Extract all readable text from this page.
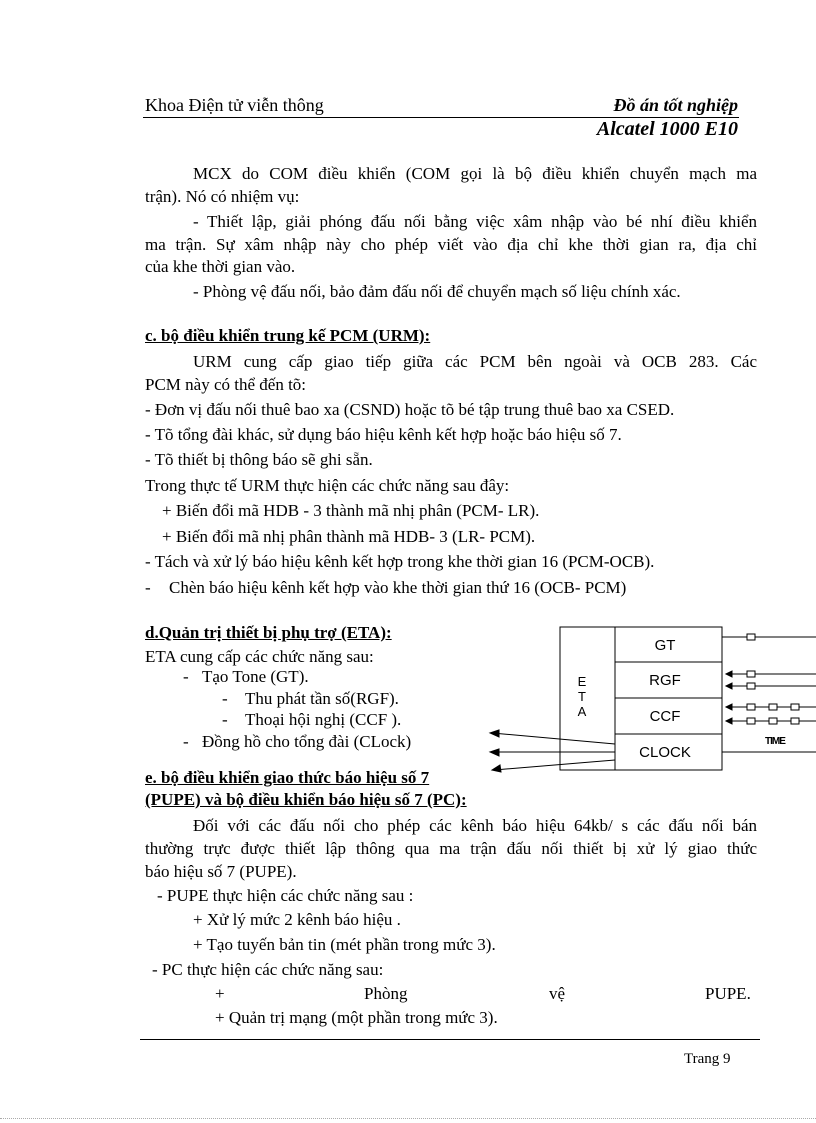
Khoa Điện tử viễn thông	Đồ án tốt nghiệp
Alcatel 1000 E10
MCX do COM điều khiển (COM gọi là bộ điều khiển chuyển mạch ma
trận). Nó có nhiệm vụ:
- Thiết lập, giải phóng đấu nối bằng việc xâm nhập vào bé nhí điều khiển
ma trận. Sự xâm nhập này cho phép viết vào địa chỉ khe thời gian ra, địa chỉ
của khe thời gian vào.
- Phòng vệ đấu nối, bảo đảm đấu nối để chuyển mạch số liệu chính xác.
c. bộ điều khiển trung kế PCM (URM):
URM cung cấp giao tiếp giữa các PCM bên ngoài và OCB 283. Các
PCM này có thể đến tõ:
- Đơn vị đấu nối thuê bao xa (CSND) hoặc tõ bé tập trung thuê bao xa CSED.
- Tõ tổng đài khác, sử dụng báo hiệu kênh kết hợp hoặc báo hiệu số 7.
- Tõ thiết bị thông báo sẽ ghi sẵn.
Trong thực tế URM thực hiện các chức năng sau đây:
+ Biến đổi mã HDB - 3 thành mã nhị phân (PCM- LR).
+ Biến đổi mã nhị phân thành mã HDB- 3 (LR- PCM).
- Tách và xử lý báo hiệu kênh kết hợp trong khe thời gian 16 (PCM-OCB).
- Chèn báo hiệu kênh kết hợp vào khe thời gian thứ 16 (OCB- PCM)
d.Quản trị thiết bị phụ trợ (ETA):
ETA cung cấp các chức năng sau:
- Tạo Tone (GT).
- Thu phát tần số(RGF).
- Thoại hội nghị (CCF ).
- Đồng hồ cho tổng đài (CLock)
E
T
A
GT
RGF
CCF
CLOCK
TIME
e. bộ điều khiển giao thức báo hiệu số 7
(PUPE) và bộ điều khiển báo hiệu số 7 (PC):
Đối với các đấu nối cho phép các kênh báo hiệu 64kb/ s các đấu nối bán
thường trực được thiết lập thông qua ma trận đấu nối thiết bị xử lý giao thức
báo hiệu số 7 (PUPE).
- PUPE thực hiện các chức năng sau :
+ Xử lý mức 2 kênh báo hiệu .
+ Tạo tuyến bản tin (mét phần trong mức 3).
- PC thực hiện các chức năng sau:
+	Phòng	vệ	PUPE.
+ Quản trị mạng (một phần trong mức 3).
Trang 9
